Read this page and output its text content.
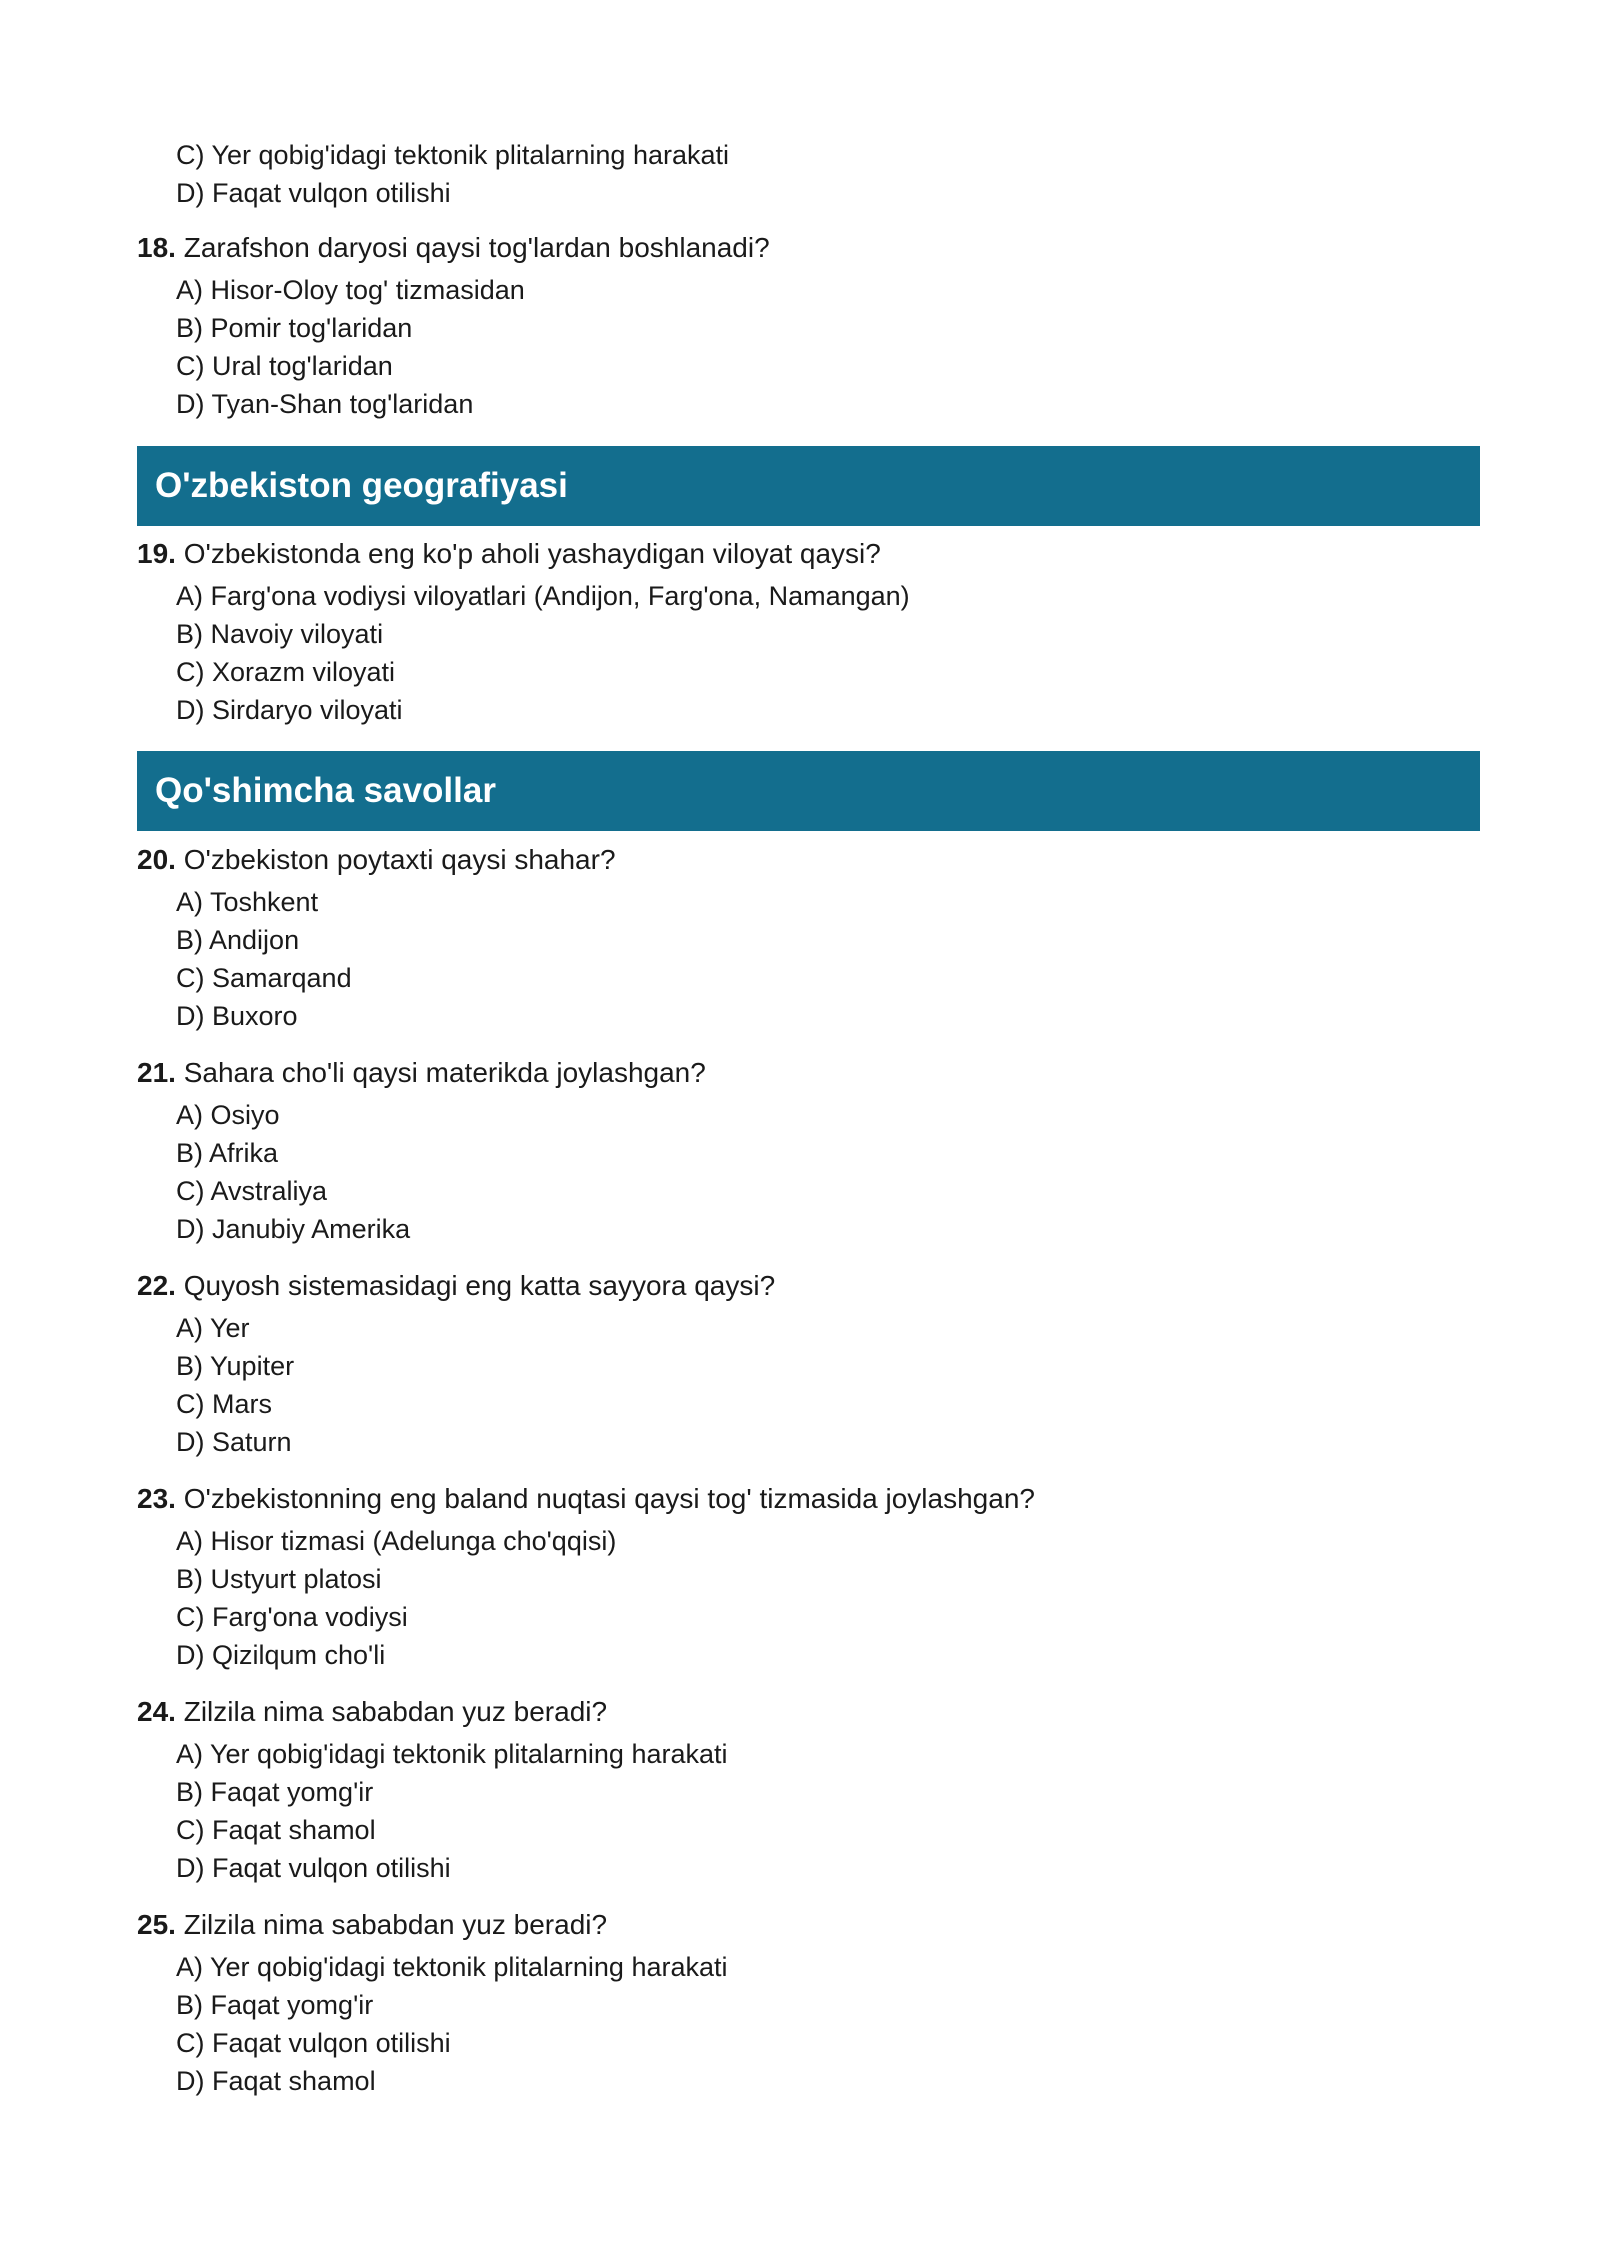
C) Yer qobig'idagi tektonik plitalarning harakati
D) Faqat vulqon otilishi
18. Zarafshon daryosi qaysi tog'lardan boshlanadi?
A) Hisor-Oloy tog' tizmasidan
B) Pomir tog'laridan
C) Ural tog'laridan
D) Tyan-Shan tog'laridan
O'zbekiston geografiyasi
19. O'zbekistonda eng ko'p aholi yashaydigan viloyat qaysi?
A) Farg'ona vodiysi viloyatlari (Andijon, Farg'ona, Namangan)
B) Navoiy viloyati
C) Xorazm viloyati
D) Sirdaryo viloyati
Qo'shimcha savollar
20. O'zbekiston poytaxti qaysi shahar?
A) Toshkent
B) Andijon
C) Samarqand
D) Buxoro
21. Sahara cho'li qaysi materikda joylashgan?
A) Osiyo
B) Afrika
C) Avstraliya
D) Janubiy Amerika
22. Quyosh sistemasidagi eng katta sayyora qaysi?
A) Yer
B) Yupiter
C) Mars
D) Saturn
23. O'zbekistonning eng baland nuqtasi qaysi tog' tizmasida joylashgan?
A) Hisor tizmasi (Adelunga cho'qqisi)
B) Ustyurt platosi
C) Farg'ona vodiysi
D) Qizilqum cho'li
24. Zilzila nima sababdan yuz beradi?
A) Yer qobig'idagi tektonik plitalarning harakati
B) Faqat yomg'ir
C) Faqat shamol
D) Faqat vulqon otilishi
25. Zilzila nima sababdan yuz beradi?
A) Yer qobig'idagi tektonik plitalarning harakati
B) Faqat yomg'ir
C) Faqat vulqon otilishi
D) Faqat shamol
